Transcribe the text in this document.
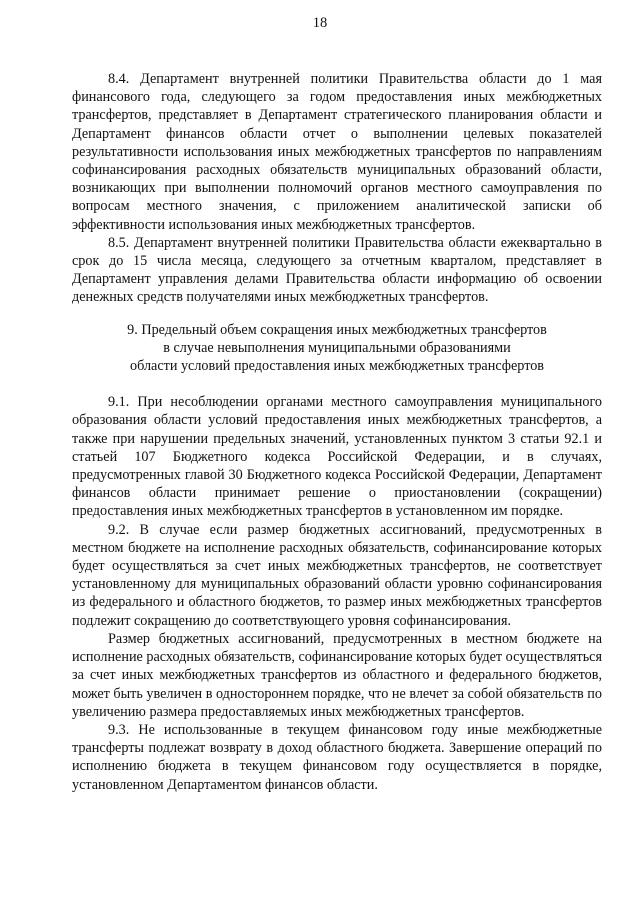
18

8.4. Департамент внутренней политики Правительства области до 1 мая финансового года, следующего за годом предоставления иных межбюджетных трансфертов, представляет в Департамент стратегического планирования области и Департамент финансов области отчет о выполнении целевых показателей результативности использования иных межбюджетных трансфертов по направлениям софинансирования расходных обязательств муниципальных образований области, возникающих при выполнении полномочий органов местного самоуправления по вопросам местного значения, с приложением аналитической записки об эффективности использования иных межбюджетных трансфертов.

8.5. Департамент внутренней политики Правительства области ежеквартально в срок до 15 числа месяца, следующего за отчетным кварталом, представляет в Департамент управления делами Правительства области информацию об освоении денежных средств получателями иных межбюджетных трансфертов.

9. Предельный объем сокращения иных межбюджетных трансфертов
в случае невыполнения муниципальными образованиями
области условий предоставления иных межбюджетных трансфертов

9.1. При несоблюдении органами местного самоуправления муниципального образования области условий предоставления иных межбюджетных трансфертов, а также при нарушении предельных значений, установленных пунктом 3 статьи 92.1 и статьей 107 Бюджетного кодекса Российской Федерации, и в случаях, предусмотренных главой 30 Бюджетного кодекса Российской Федерации, Департамент финансов области принимает решение о приостановлении (сокращении) предоставления иных межбюджетных трансфертов в установленном им порядке.

9.2. В случае если размер бюджетных ассигнований, предусмотренных в местном бюджете на исполнение расходных обязательств, софинансирование которых будет осуществляться за счет иных межбюджетных трансфертов, не соответствует установленному для муниципальных образований области уровню софинансирования из федерального и областного бюджетов, то размер иных межбюджетных трансфертов подлежит сокращению до соответствующего уровня софинансирования.

Размер бюджетных ассигнований, предусмотренных в местном бюджете на исполнение расходных обязательств, софинансирование которых будет осуществляться за счет иных межбюджетных трансфертов из областного и федерального бюджетов, может быть увеличен в одностороннем порядке, что не влечет за собой обязательств по увеличению размера предоставляемых иных межбюджетных трансфертов.

9.3. Не использованные в текущем финансовом году иные межбюджетные трансферты подлежат возврату в доход областного бюджета. Завершение операций по исполнению бюджета в текущем финансовом году осуществляется в порядке, установленном Департаментом финансов области.
